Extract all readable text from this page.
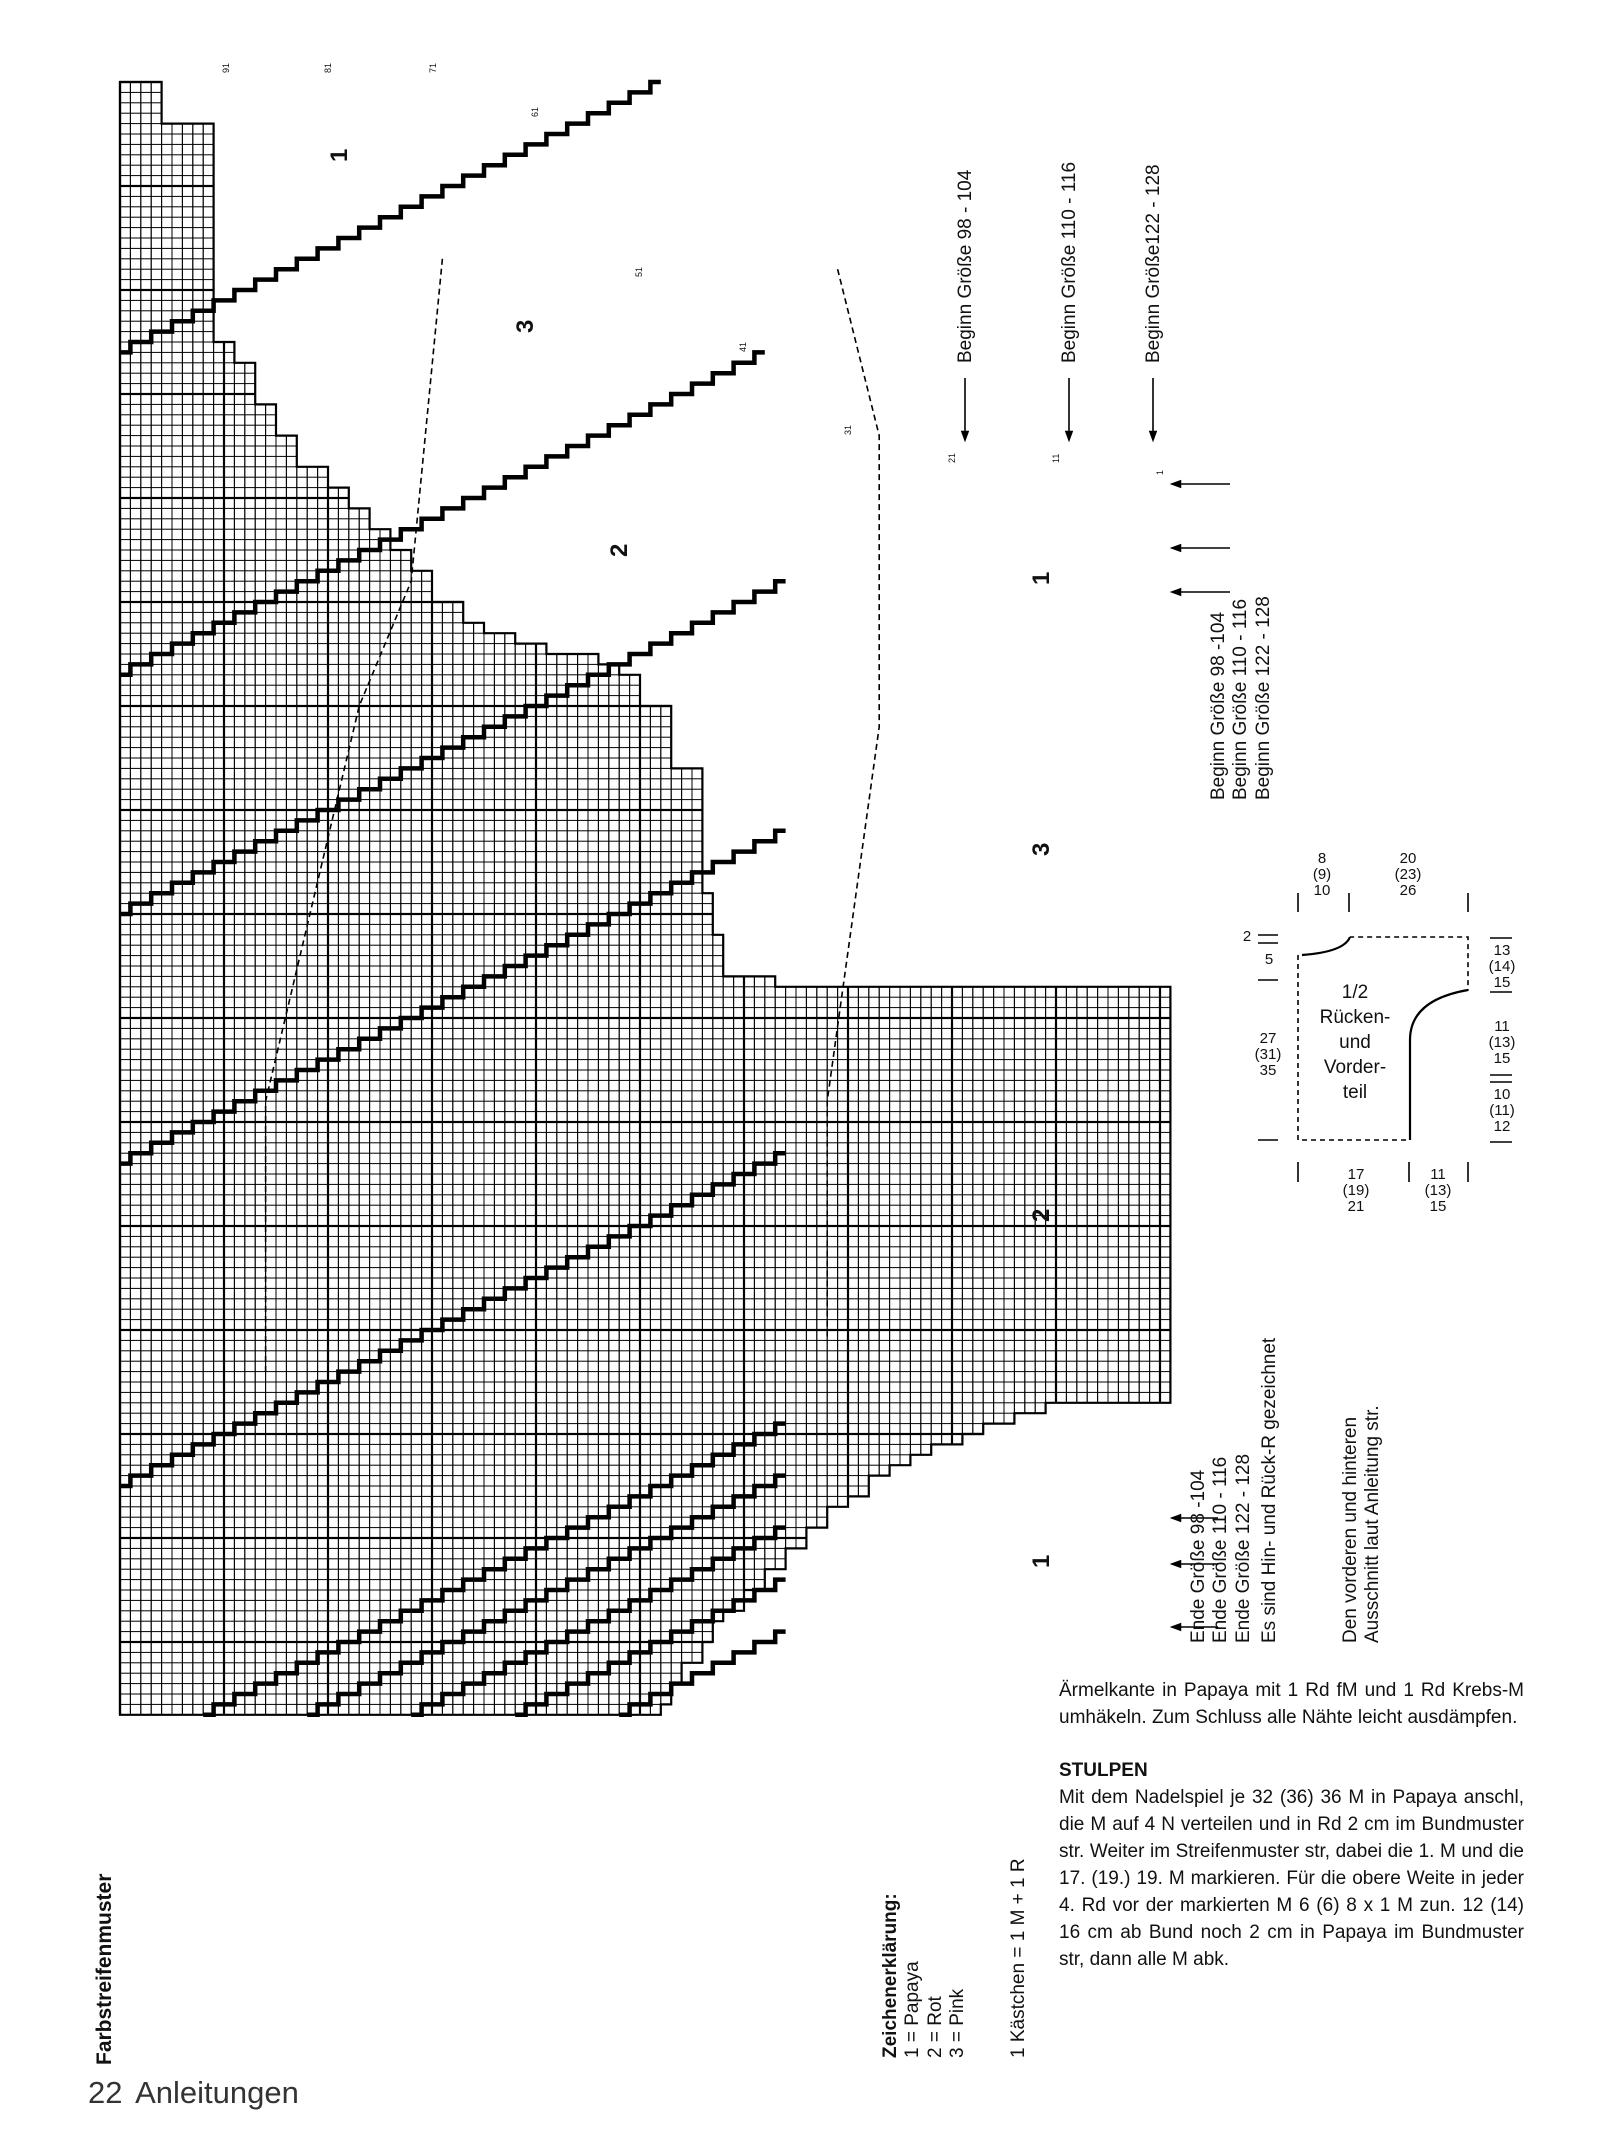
Farbstreifenmuster
91	81	71
61
51
41
31
21	11
1
1
3
2
1
3
2
1
Beginn Größe 98 - 104	Beginn Größe 110 - 116	Beginn Größe122 - 128
Beginn Größe 98 -104 Beginn Größe 110 - 116 Beginn Größe 122 - 128
Ende Größe 98 -104 Ende Größe 110 - 116 Ende Größe 122 - 128 Es sind Hin- und Rück-R gezeichnet	Den vorderen und hinteren Ausschnitt laut Anleitung str.
Zeichenerklärung: 1 = Papaya 2 = Rot 3 = Pink 1 Kästchen = 1 M + 1 R
8
(9)
10
20
(23)
26
2
5
27
(31)
35
13
(14)
15
11
(13)
15
10
(11)
12
17
(19)
21
11
(13)
15
1/2
Rücken-
und
Vorder-
teil

Ärmelkante in Papaya mit 1 Rd fM und 1 Rd Krebs-M umhäkeln. Zum Schluss alle Nähte leicht ausdämpfen.

STULPEN
Mit dem Nadelspiel je 32 (36) 36 M in Papaya anschl, die M auf 4 N verteilen und in Rd 2 cm im Bundmuster str. Weiter im Streifenmuster str, dabei die 1. M und die 17. (19.) 19. M markieren. Für die obere Weite in jeder 4. Rd vor der markierten M 6 (6) 8 x 1 M zun. 12 (14) 16 cm ab Bund noch 2 cm in Papaya im Bundmuster str, dann alle M abk.
22 Anleitungen
